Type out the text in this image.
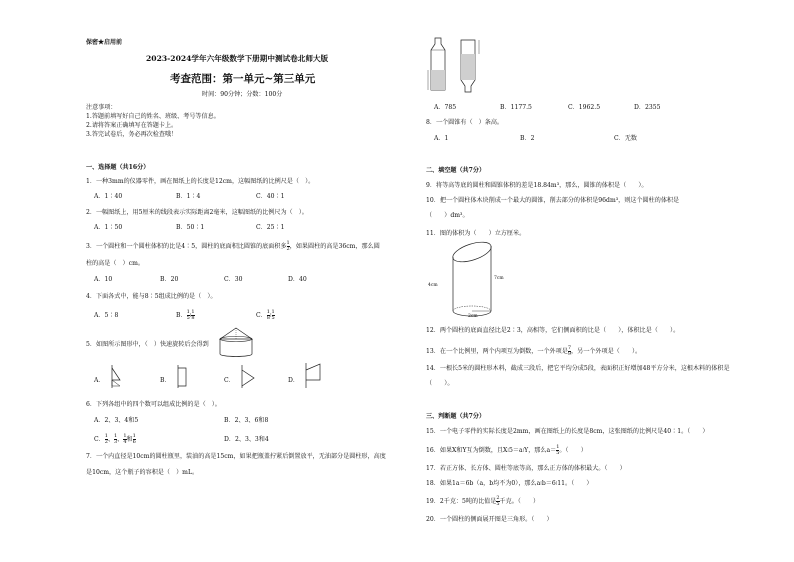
保密★启用前
2023-2024学年六年级数学下册期中测试卷北师大版
考查范围：第一单元~第三单元
时间：90分钟；分数：100分
注意事项：
1.答题前填写好自己的姓名、班级、考号等信息。
2.请将答案正确填写在答题卡上。
3.答完试卷后，务必再次检查哦！
一、选择题（共16分）
1．一种3mm的仪器零件，画在图纸上的长度是12cm，这幅图纸的比例尺是（　）。
A．1∶40	B．1∶4	C．40∶1
2．一幅图纸上，用5厘米的线段表示实际距离2毫米，这幅图纸的比例尺为（　）。
A．1∶50	B．50∶1	C．25∶1
3．一个圆柱和一个圆柱体积的比是4∶5，圆柱的底面积比圆锥的底面积多 $\frac{1}{2}$ ，如果圆柱的高是36cm，那么圆
柱的高是（　）cm。
A．10	B．20	C．30	D．40
4．下面各式中，能与8∶5组成比例的是（　）。
A．5∶8	B． $\frac{1}{5}$ ∶ $\frac{1}{8}$	C． $\frac{1}{8}$ ∶ $\frac{1}{5}$
5．如图所示图形中，（　）快速旋转后会得到
A．	B．	C．	D．
6．下列各组中的四个数可以组成比例的是（　）。
A．2、3、4和5	B．2、3、6和8
C． $\frac{1}{2}$ 、 $\frac{1}{3}$ 、 $\frac{1}{4}$ 和 $\frac{1}{6}$	D．2、3、3和4
7．一个内直径是10cm的圆柱瓶里，装油的高是15cm，如果把瓶盖拧紧后倒置放平，无油部分是圆柱形，高度
是10cm，这个瓶子的容积是（　）mL。
A．785	B．1177.5	C．1962.5	D．2355
8．一个圆锥有（　）条高。
A．1	B．2	C．无数
二、填空题（共7分）
9．将等高等底的圆柱和圆锥体积的差是18.84m³，那么，圆锥的体积是（　　）。
10．把一个圆柱体木块削成一个最大的圆锥，削去部分的体积是96dm³，则这个圆柱的体积是
（　　）dm³。
11．图的体积为（　　）立方厘米。
4cm
7cm
2cm
12．两个圆柱的底面直径比是2∶3，高相等，它们侧面积的比是（　　），体积比是（　　）。
13．在一个比例里，两个内项互为倒数，一个外项是 $\frac{7}{9}$ ，另一个外项是（　　）。
14．一根长5米的圆柱形木料，截成三段后，把它平均分成5段，表面积正好增加48平方分米，这根木料的体积是
（　　）。
三、判断题（共7分）
15．一个电子零件的实际长度是2mm，画在图纸上的长度是8cm，这张图纸的比例尺是40∶1。（　　）
16．如果X和Y互为倒数，且X∶5＝a∶Y，那么$a= \frac{1}{5}$ 。（　　）
17．若正方体、长方体、圆柱等底等高，那么正方体的体积最大。（　　）
18．如果1a＝6b（a，b均不为0），那么a∶b＝6∶11。（　　）
19．2千克：5吨的比值是 $\frac{2}{5}$ 千克。（　　）
20．一个圆柱的侧面展开图是三角形。（　　）
